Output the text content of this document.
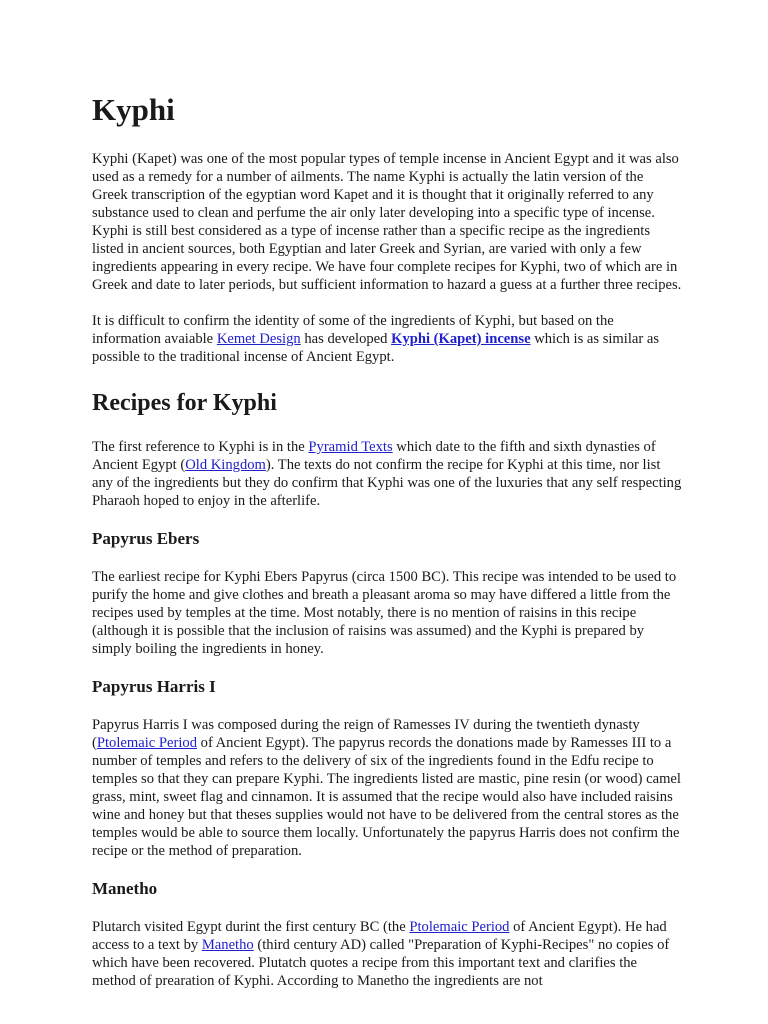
Kyphi

Kyphi (Kapet) was one of the most popular types of temple incense in Ancient Egypt and it was also used as a remedy for a number of ailments. The name Kyphi is actually the latin version of the Greek transcription of the egyptian word Kapet and it is thought that it originally referred to any substance used to clean and perfume the air only later developing into a specific type of incense. Kyphi is still best considered as a type of incense rather than a specific recipe as the ingredients listed in ancient sources, both Egyptian and later Greek and Syrian, are varied with only a few ingredients appearing in every recipe. We have four complete recipes for Kyphi, two of which are in Greek and date to later periods, but sufficient information to hazard a guess at a further three recipes.

It is difficult to confirm the identity of some of the ingredients of Kyphi, but based on the information avaiable Kemet Design has developed Kyphi (Kapet) incense which is as similar as possible to the traditional incense of Ancient Egypt.

Recipes for Kyphi

The first reference to Kyphi is in the Pyramid Texts which date to the fifth and sixth dynasties of Ancient Egypt (Old Kingdom). The texts do not confirm the recipe for Kyphi at this time, nor list any of the ingredients but they do confirm that Kyphi was one of the luxuries that any self respecting Pharaoh hoped to enjoy in the afterlife.

Papyrus Ebers

The earliest recipe for Kyphi Ebers Papyrus (circa 1500 BC). This recipe was intended to be used to purify the home and give clothes and breath a pleasant aroma so may have differed a little from the recipes used by temples at the time. Most notably, there is no mention of raisins in this recipe (although it is possible that the inclusion of raisins was assumed) and the Kyphi is prepared by simply boiling the ingredients in honey.

Papyrus Harris I

Papyrus Harris I was composed during the reign of Ramesses IV during the twentieth dynasty (Ptolemaic Period of Ancient Egypt). The papyrus records the donations made by Ramesses III to a number of temples and refers to the delivery of six of the ingredients found in the Edfu recipe to temples so that they can prepare Kyphi. The ingredients listed are mastic, pine resin (or wood) camel grass, mint, sweet flag and cinnamon. It is assumed that the recipe would also have included raisins wine and honey but that theses supplies would not have to be delivered from the central stores as the temples would be able to source them locally. Unfortunately the papyrus Harris does not confirm the recipe or the method of preparation.

Manetho

Plutarch visited Egypt durint the first century BC (the Ptolemaic Period of Ancient Egypt). He had access to a text by Manetho (third century AD) called "Preparation of Kyphi-Recipes" no copies of which have been recovered. Plutatch quotes a recipe from this important text and clarifies the method of prearation of Kyphi. According to Manetho the ingredients are not
